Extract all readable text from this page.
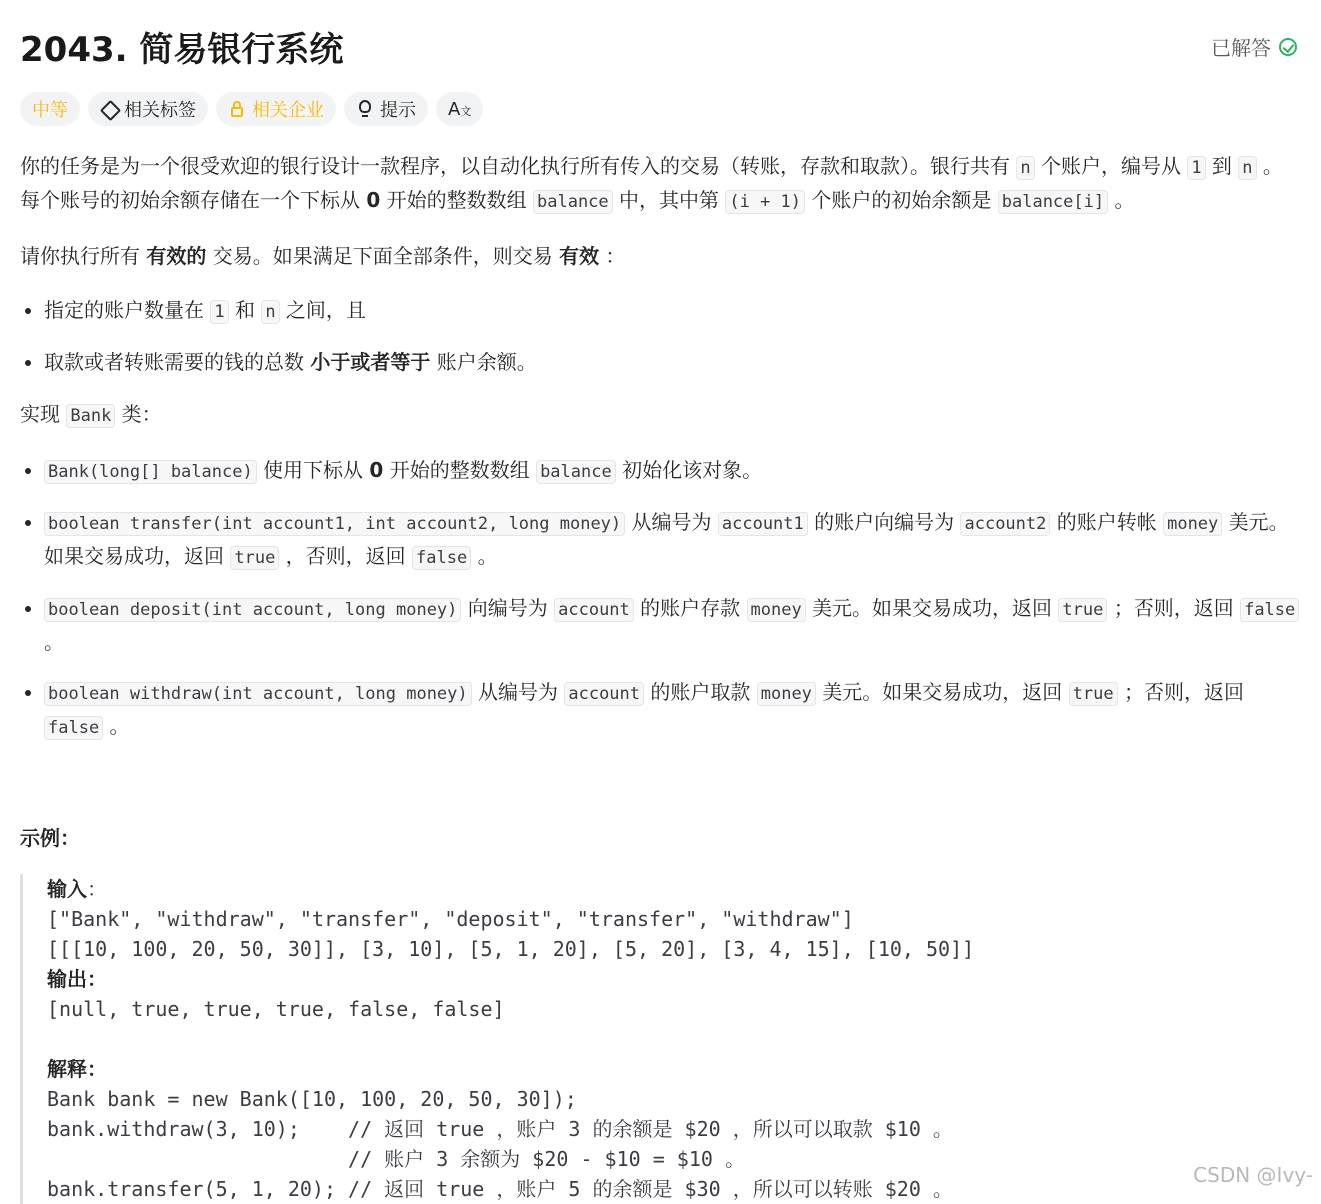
2043. 简易银行系统	已解答
中等	相关标签	相关企业	提示 A文

你的任务是为一个很受欢迎的银行设计一款程序，以自动化执行所有传入的交易（转账，存款和取款）。银行共有 n 个账户，编号从 1 到 n 。每个账号的初始余额存储在一个下标从 0 开始的整数数组 balance 中，其中第 (i + 1) 个账户的初始余额是 balance[i] 。

请你执行所有 有效的 交易。如果满足下面全部条件，则交易 有效 ：

• 指定的账户数量在 1 和 n 之间，且
• 取款或者转账需要的钱的总数 小于或者等于 账户余额。

实现 Bank 类：

• Bank(long[] balance) 使用下标从 0 开始的整数数组 balance 初始化该对象。
• boolean transfer(int account1, int account2, long money) 从编号为 account1 的账户向编号为 account2 的账户转帐 money 美元。如果交易成功，返回 true ，否则，返回 false 。
• boolean deposit(int account, long money) 向编号为 account 的账户存款 money 美元。如果交易成功，返回 true ；否则，返回 false 。
• boolean withdraw(int account, long money) 从编号为 account 的账户取款 money 美元。如果交易成功，返回 true ；否则，返回 false 。
示例：
输入：
["Bank", "withdraw", "transfer", "deposit", "transfer", "withdraw"]
[[[10, 100, 20, 50, 30]], [3, 10], [5, 1, 20], [5, 20], [3, 4, 15], [10, 50]]
输出：
[null, true, true, true, false, false]

解释：
Bank bank = new Bank([10, 100, 20, 50, 30]);
bank.withdraw(3, 10);    // 返回 true ，账户 3 的余额是 $20 ，所以可以取款 $10 。
// 账户 3 余额为 $20 - $10 = $10 。
bank.transfer(5, 1, 20); // 返回 true ，账户 5 的余额是 $30 ，所以可以转账 $20 。
CSDN @Ivy-
